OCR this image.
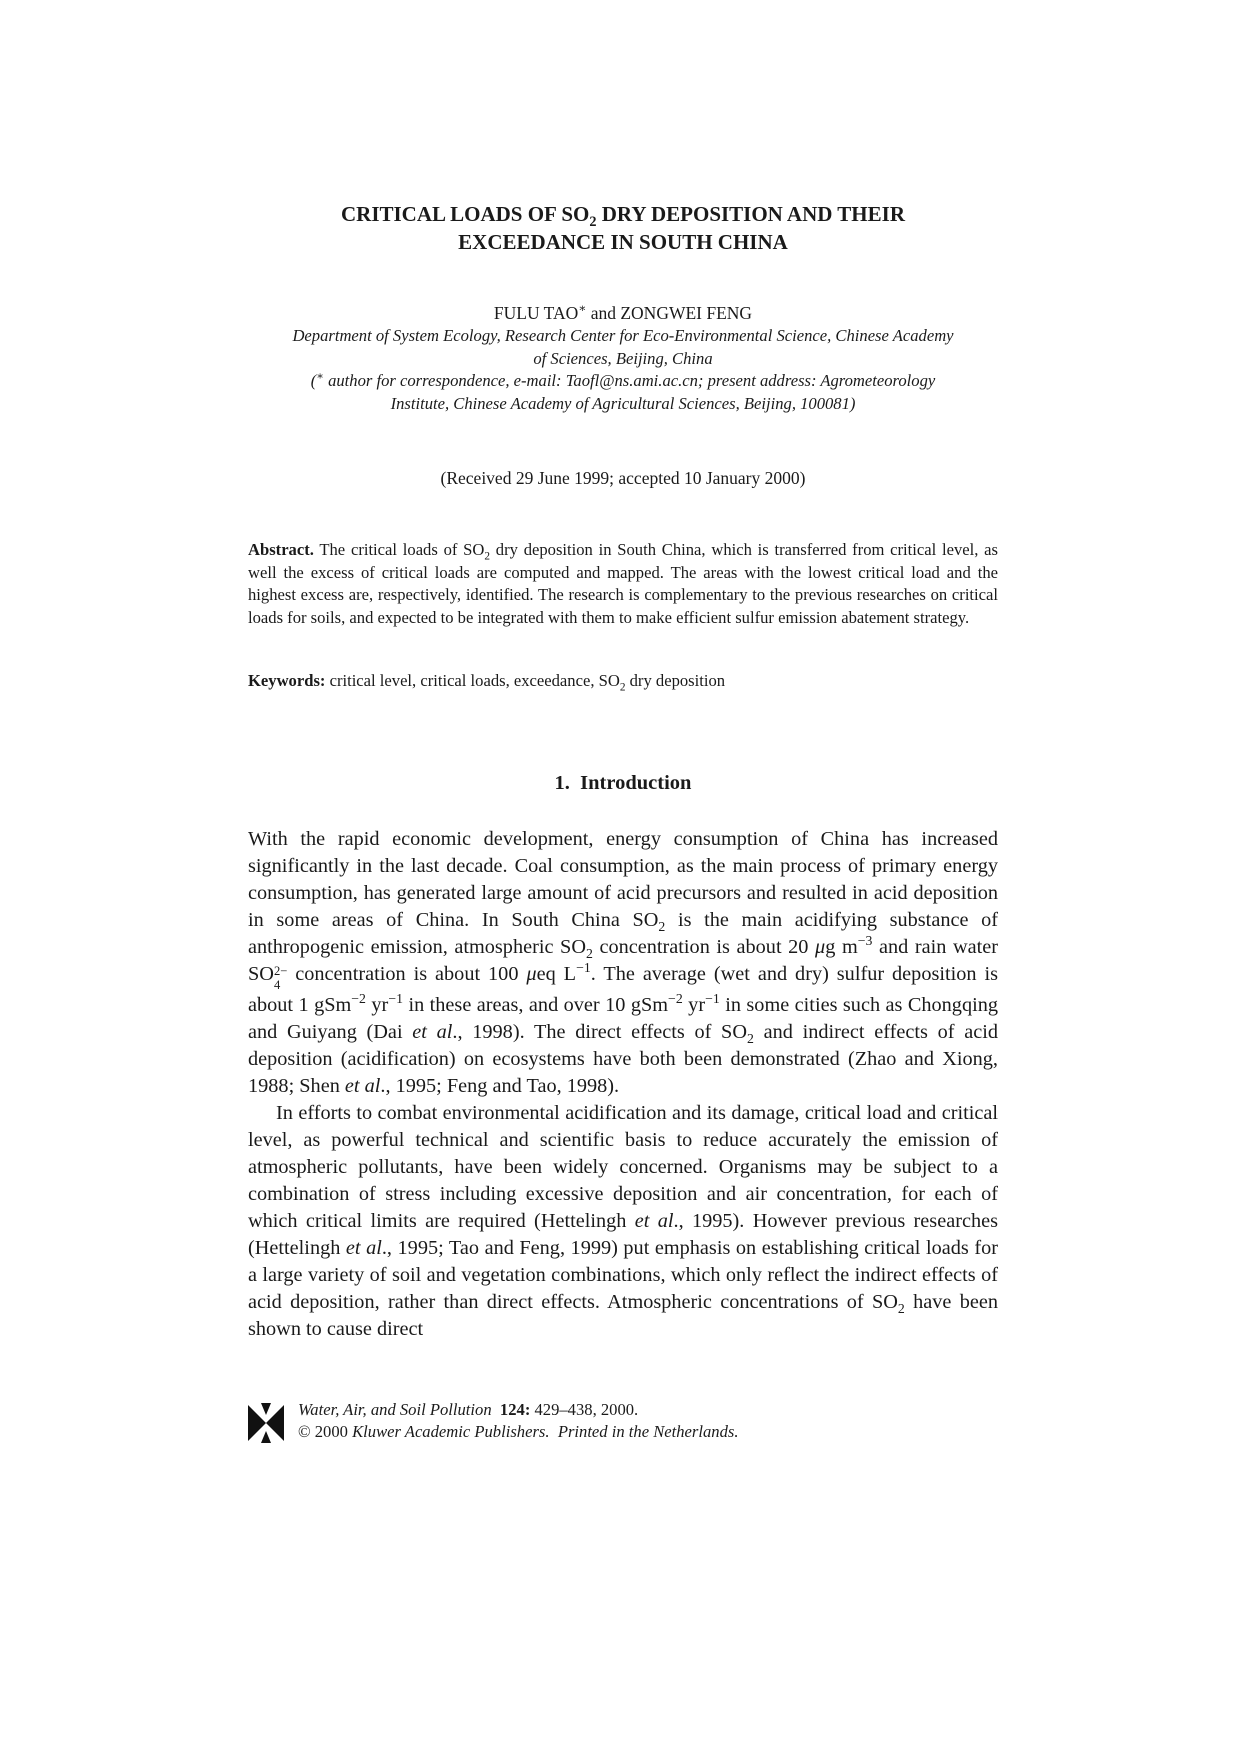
CRITICAL LOADS OF $SO_2$ DRY DEPOSITION AND THEIR
EXCEEDANCE IN SOUTH CHINA
FULU TAO∗ and ZONGWEI FENG
Department of System Ecology, Research Center for Eco-Environmental Science, Chinese Academy
of Sciences, Beijing, China
(∗ author for correspondence, e-mail: Taofl@ns.ami.ac.cn; present address: Agrometeorology
Institute, Chinese Academy of Agricultural Sciences, Beijing, 100081)
(Received 29 June 1999; accepted 10 January 2000)
Abstract. The critical loads of $SO_2$ dry deposition in South China, which is transferred from critical level, as well the excess of critical loads are computed and mapped. The areas with the lowest critical load and the highest excess are, respectively, identified. The research is complementary to the previous researches on critical loads for soils, and expected to be integrated with them to make efficient sulfur emission abatement strategy.
Keywords: critical level, critical loads, exceedance, $SO_2$ dry deposition
1. Introduction

With the rapid economic development, energy consumption of China has increased significantly in the last decade. Coal consumption, as the main process of primary energy consumption, has generated large amount of acid precursors and resulted in acid deposition in some areas of China. In South China $SO_2$ is the main acidifying substance of anthropogenic emission, atmospheric $SO_2$ concentration is about 20 μg $m^{-3}$ and rain water SO 2−
4 concentration is about 100 μeq $L^{-1}$. The average (wet and dry) sulfur deposition is about 1 gSm$^{-2}$ $yr^{-1}$ in these areas, and over 10 gSm$^{-2}$ $yr^{-1}$ in some cities such as Chongqing and Guiyang (Dai et al., 1998). The direct effects of $SO_2$ and indirect effects of acid deposition (acidification) on ecosystems have both been demonstrated (Zhao and Xiong, 1988; Shen et al., 1995; Feng and Tao, 1998).

In efforts to combat environmental acidification and its damage, critical load and critical level, as powerful technical and scientific basis to reduce accurately the emission of atmospheric pollutants, have been widely concerned. Organisms may be subject to a combination of stress including excessive deposition and air concentration, for each of which critical limits are required (Hettelingh et al., 1995). However previous researches (Hettelingh et al., 1995; Tao and Feng, 1999) put emphasis on establishing critical loads for a large variety of soil and vegetation combinations, which only reflect the indirect effects of acid deposition, rather than direct effects. Atmospheric concentrations of $SO_2$ have been shown to cause direct

Water, Air, and Soil Pollution 124: 429–438, 2000.
© 2000 Kluwer Academic Publishers. Printed in the Netherlands.
